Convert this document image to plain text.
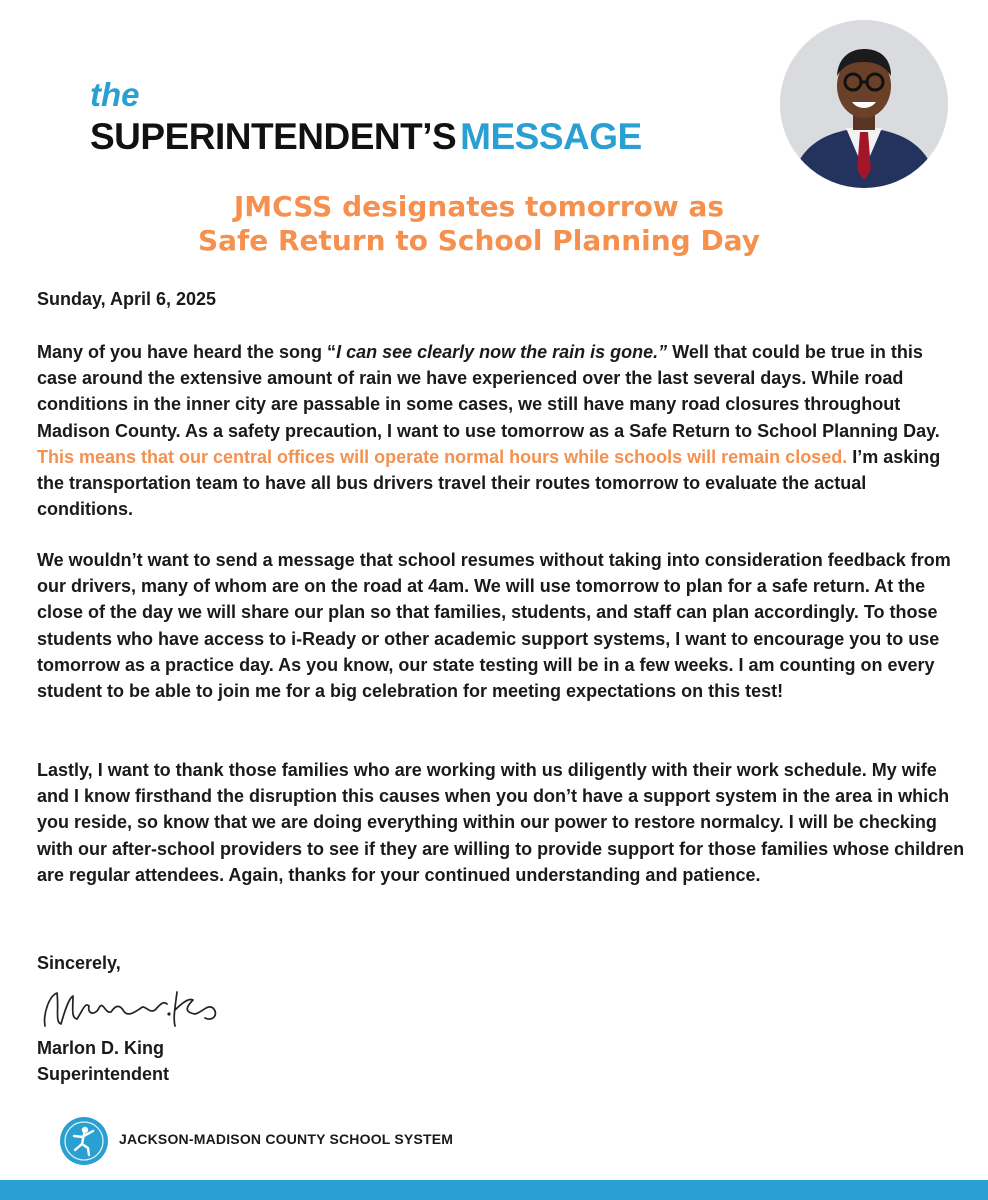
the
SUPERINTENDENT’S MESSAGE
JMCSS designates tomorrow as
Safe Return to School Planning Day

Sunday, April 6, 2025

Many of you have heard the song “I can see clearly now the rain is gone.” Well that could be true in this case around the extensive amount of rain we have experienced over the last several days. While road conditions in the inner city are passable in some cases, we still have many road closures throughout Madison County. As a safety precaution, I want to use tomorrow as a Safe Return to School Planning Day. This means that our central offices will operate normal hours while schools will remain closed. I’m asking the transportation team to have all bus drivers travel their routes tomorrow to evaluate the actual conditions.

We wouldn’t want to send a message that school resumes without taking into consideration feedback from our drivers, many of whom are on the road at 4am. We will use tomorrow to plan for a safe return. At the close of the day we will share our plan so that families, students, and staff can plan accordingly. To those students who have access to i-Ready or other academic support systems, I want to encourage you to use tomorrow as a practice day. As you know, our state testing will be in a few weeks. I am counting on every student to be able to join me for a big celebration for meeting expectations on this test!

Lastly, I want to thank those families who are working with us diligently with their work schedule. My wife and I know firsthand the disruption this causes when you don’t have a support system in the area in which you reside, so know that we are doing everything within our power to restore normalcy. I will be checking with our after-school providers to see if they are willing to provide support for those families whose children are regular attendees. Again, thanks for your continued understanding and patience.

Sincerely,
Marlon D. King
Superintendent
JACKSON-MADISON COUNTY SCHOOL SYSTEM
